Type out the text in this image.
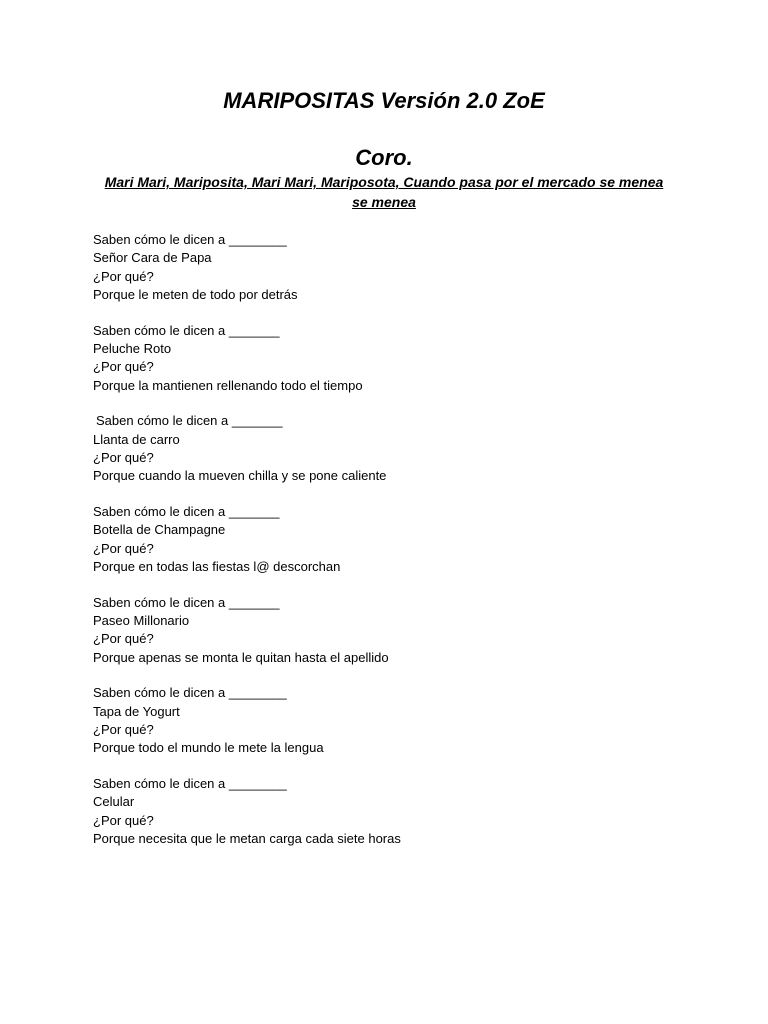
MARIPOSITAS Versión 2.0 ZoE
Coro.

Mari Mari, Mariposita, Mari Mari, Mariposota, Cuando pasa por el mercado se menea se menea

Saben cómo le dicen a ________
Señor Cara de Papa
¿Por qué?
Porque le meten de todo por detrás
Saben cómo le dicen a _______
Peluche Roto
¿Por qué?
Porque la mantienen rellenando todo el tiempo
Saben cómo le dicen a _______
Llanta de carro
¿Por qué?
Porque cuando la mueven chilla y se pone caliente
Saben cómo le dicen a _______
Botella de Champagne
¿Por qué?
Porque en todas las fiestas l@ descorchan
Saben cómo le dicen a _______
Paseo Millonario
¿Por qué?
Porque apenas se monta le quitan hasta el apellido
Saben cómo le dicen a ________
Tapa de Yogurt
¿Por qué?
Porque todo el mundo le mete la lengua
Saben cómo le dicen a ________
Celular
¿Por qué?
Porque necesita que le metan carga cada siete horas
